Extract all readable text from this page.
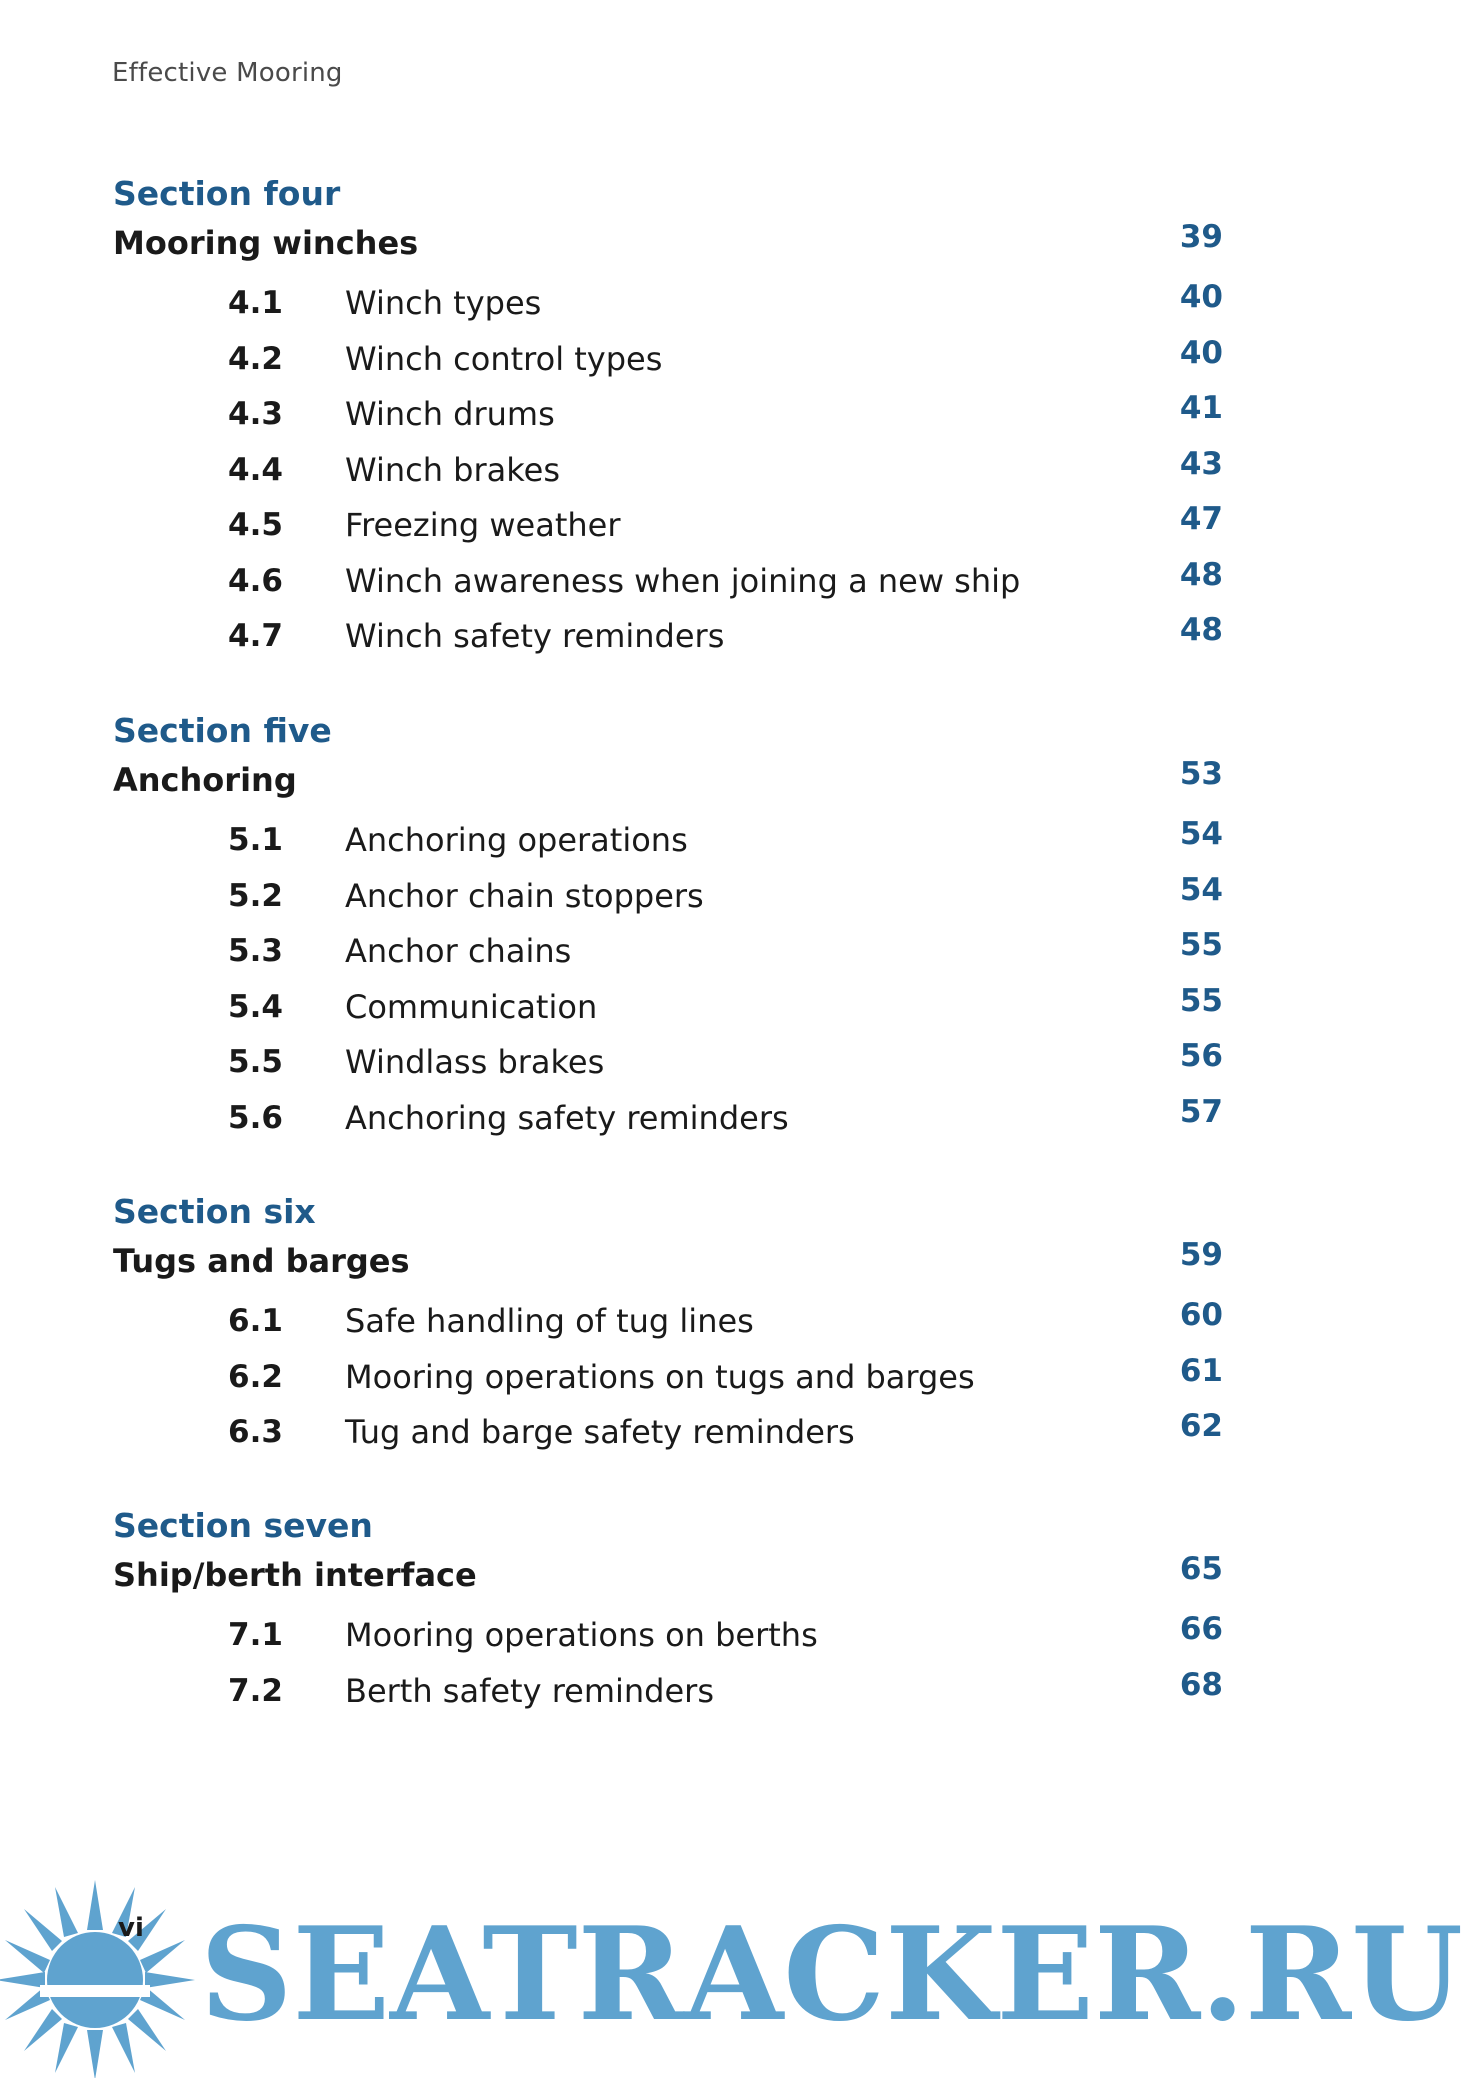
Effective Mooring
Section four
Mooring winches	39
4.1 Winch types	40
4.2 Winch control types	40
4.3 Winch drums	41
4.4 Winch brakes	43
4.5 Freezing weather	47
4.6 Winch awareness when joining a new ship	48
4.7 Winch safety reminders	48
Section five
Anchoring	53
5.1 Anchoring operations	54
5.2 Anchor chain stoppers	54
5.3 Anchor chains	55
5.4 Communication	55
5.5 Windlass brakes	56
5.6 Anchoring safety reminders	57
Section six
Tugs and barges	59
6.1 Safe handling of tug lines	60
6.2 Mooring operations on tugs and barges	61
6.3 Tug and barge safety reminders	62
Section seven
Ship/berth interface	65
7.1 Mooring operations on berths	66
7.2 Berth safety reminders	68
vi SEATRACKER.RU
